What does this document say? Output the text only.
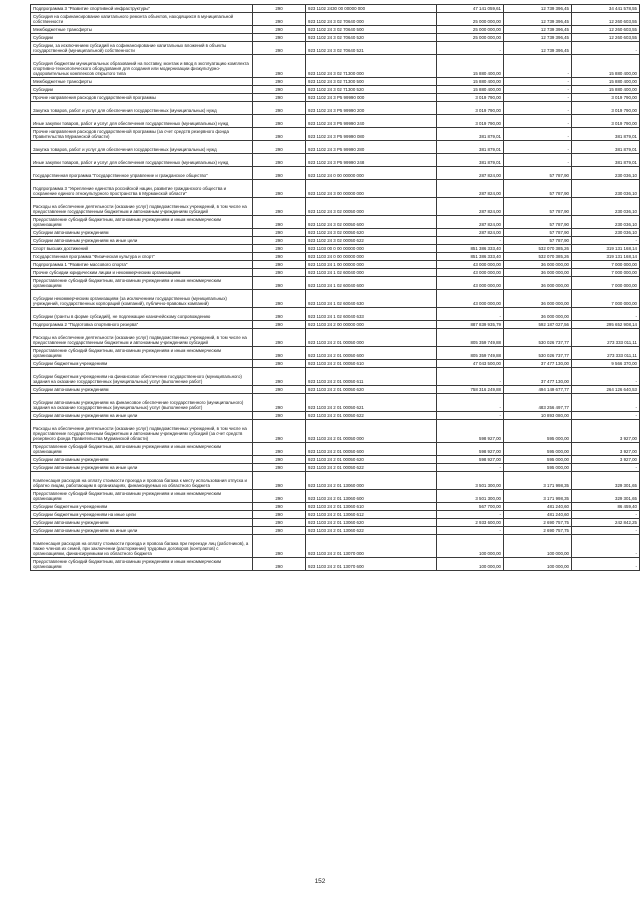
Подпрограмма 3 "Развитие спортивной инфраструктуры"	290	923 1102 2430 00 00000 000	47 141 059,61	12 739 396,45	34 441 578,55
Субсидия на софинансирование капитального ремонта объектов, находящихся в муниципальной собственности	290	923 1102 24 3 02 70640 000	25 000 000,00	12 739 396,45	12 260 603,55
Межбюджетные трансферты	290	923 1102 24 3 02 70640 500	25 000 000,00	12 739 396,45	12 260 603,55
Субсидии	290	923 1102 24 3 02 70640 520	25 000 000,00	12 739 396,45	12 260 603,55
Субсидии, за исключением субсидий на софинансирование капитальных вложений в объекты государственной (муниципальной) собственности	290	923 1102 24 3 02 70640 521	-	12 739 396,45	-
Субсидия бюджетам муниципальных образований на поставку, монтаж и ввод в эксплуатацию комплекта спортивно-технологического оборудования для создания или модернизации физкультурно-оздоровительных комплексов открытого типа	290	923 1102 24 3 02 71300 000	15 880 400,00	-	15 880 400,00
Межбюджетные трансферты	290	923 1102 24 3 02 71300 500	15 880 400,00	-	15 880 400,00
Субсидии	290	923 1102 24 3 02 71300 520	15 880 400,00	-	15 880 400,00
Прочие направления расходов государственной программы	290	923 1102 24 3 Р5 99990 000	3 019 790,00	-	3 019 790,00
Закупка товаров, работ и услуг для обеспечения государственных (муниципальных) нужд	290	923 1102 24 3 Р5 99990 200	3 019 790,00	-	3 019 790,00
Иные закупки товаров, работ и услуг для обеспечения государственных (муниципальных) нужд	290	923 1102 24 3 Р5 99990 240	3 019 790,00	-	3 019 790,00
Прочие направления расходов государственной программы (за счет средств резервного фонда Правительства Мурманской области)	290	923 1102 24 3 Р5 99990 080	381 879,01	-	381 879,01
Закупка товаров, работ и услуг для обеспечения государственных (муниципальных) нужд	290	923 1102 24 3 Р5 99990 280	381 879,01	-	381 879,01
Иные закупки товаров, работ и услуг для обеспечения государственных (муниципальных) нужд	290	923 1102 24 3 Р5 99990 248	381 879,01	-	381 879,01
Государственная программа "Государственное управление и гражданское общество"	290	923 1102 24 0 00 00000 000	287 824,00	57 787,90	230 036,10
Подпрограмма 3 "Укрепление единства российской нации, развитие гражданского общества и сохранение единого этнокультурного пространства в Мурманской области"	290	923 1102 24 3 00 00000 000	287 824,00	57 787,90	230 036,10
Расходы на обеспечение деятельности (оказание услуг) подведомственных учреждений, в том числе на предоставление государственным бюджетным и автономным учреждениям субсидий	290	923 1102 24 3 02 00050 000	287 824,00	57 787,90	230 036,10
Предоставление субсидий бюджетным, автономным учреждениям и иным некоммерческим организациям	290	923 1102 24 3 02 00050 600	287 824,00	57 787,90	230 036,10
Субсидии автономным учреждениям	290	923 1102 24 3 02 00050 620	287 824,00	57 787,90	230 036,10
Субсидии автономным учреждениям на иные цели	290	923 1102 24 3 02 00050 622	-	57 787,90	-
Спорт высших достижений	290	923 1103 00 0 00 00000 000	851 386 333,40	532 070 385,26	319 131 168,14
Государственная программа "Физическая культура и спорт"	290	923 1103 24 0 00 00000 000	851 386 333,40	532 070 385,26	319 131 168,14
Подпрограмма 1 "Развитие массового спорта"	290	923 1103 24 1 00 00000 000	43 000 000,00	36 000 000,00	7 000 000,00
Прочие субсидии юридическим лицам и некоммерческим организациям	290	923 1103 24 1 02 60040 000	43 000 000,00	36 000 000,00	7 000 000,00
Предоставление субсидий бюджетным, автономным учреждениям и иным некоммерческим организациям	290	923 1103 24 1 02 60040 600	43 000 000,00	36 000 000,00	7 000 000,00
Субсидии некоммерческим организациям (за исключением государственных (муниципальных) учреждений, государственных корпораций (компаний), публично-правовых компаний)	290	923 1103 24 1 02 60040 630	43 000 000,00	36 000 000,00	7 000 000,00
Субсидии (гранты в форме субсидий), не подлежащие казначейскому сопровождению	290	923 1103 24 1 02 60040 633	-	36 000 000,00	-
Подпрограмма 2 "Подготовка спортивного резерва"	290	923 1103 24 2 00 00000 000	887 839 935,79	592 187 027,56	295 652 908,14
Расходы на обеспечение деятельности (оказание услуг) подведомственных учреждений, в том числе на предоставление государственным бюджетным и автономным учреждениям субсидий	290	923 1103 24 2 01 00050 000	805 359 749,88	530 026 737,77	273 333 011,11
Предоставление субсидий бюджетным, автономным учреждениям и иным некоммерческим организациям	290	923 1103 24 2 01 00050 600	805 359 749,88	530 026 737,77	273 333 011,11
Субсидии бюджетным учреждениям	290	923 1103 24 2 01 00050 610	47 043 500,00	37 477 130,00	9 566 370,00
Субсидии бюджетным учреждениям на финансовое обеспечение государственного (муниципального) задания на оказание государственных (муниципальных) услуг (выполнение работ)	290	923 1103 24 2 01 00050 611	-	37 477 130,00	-
Субсидии автономным учреждениям	290	923 1103 24 2 01 00050 620	758 316 249,88	494 149 677,77	264 126 640,53
Субсидии автономным учреждениям на финансовое обеспечение государственного (муниципального) задания на оказание государственных (муниципальных) услуг (выполнение работ)	290	923 1103 24 2 01 00050 621	-	483 256 497,77	-
Субсидии автономным учреждениям на иные цели	290	923 1103 24 2 01 00050 622	-	10 893 080,00	-
Расходы на обеспечение деятельности (оказание услуг) подведомственных учреждений, в том числе на предоставление государственным бюджетным и автономным учреждениям субсидий (за счет средств резервного фонда Правительства Мурманской области)	290	923 1103 24 2 01 00050 000	598 927,00	595 000,00	3 927,00
Предоставление субсидий бюджетным, автономным учреждениям и иным некоммерческим организациям	290	923 1103 24 2 01 00050 600	598 927,00	595 000,00	3 927,00
Субсидии автономным учреждениям	290	923 1103 24 2 01 00050 620	598 927,00	595 000,00	3 927,00
Субсидии автономным учреждениям на иные цели	290	923 1103 24 2 01 00050 622	-	595 000,00	-
Компенсация расходов на оплату стоимости проезда и провоза багажа к месту использования отпуска и обратно лицам, работающим в организациях, финансируемых из областного бюджета	290	923 1103 24 2 01 13060 000	3 501 300,00	3 171 998,35	329 301,65
Предоставление субсидий бюджетным, автономным учреждениям и иным некоммерческим организациям	290	923 1103 24 2 01 13060 600	3 501 300,00	3 171 998,35	329 301,65
Субсидии бюджетным учреждениям	290	923 1103 24 2 01 13060 610	567 700,00	481 240,60	86 459,40
Субсидии бюджетным учреждениям на иные цели	290	923 1103 24 2 01 13060 612	-	481 240,60	-
Субсидии автономным учреждениям	290	923 1103 24 2 01 13060 620	2 933 600,00	2 690 757,75	242 842,25
Субсидии автономным учреждениям на иные цели	290	923 1103 24 2 01 13060 622	-	2 690 757,75	-
Компенсация расходов на оплату стоимости проезда и провоза багажа при переезде лиц (работников), а также членов их семей, при заключении (расторжении) трудовых договоров (контрактов) с организациями, финансируемыми из областного бюджета	290	923 1103 24 2 01 13070 000	100 000,00	100 000,00	-
Предоставление субсидий бюджетным, автономным учреждениям и иным некоммерческим организациям	290	923 1103 24 2 01 13070 600	100 000,00	100 000,00	-
152
